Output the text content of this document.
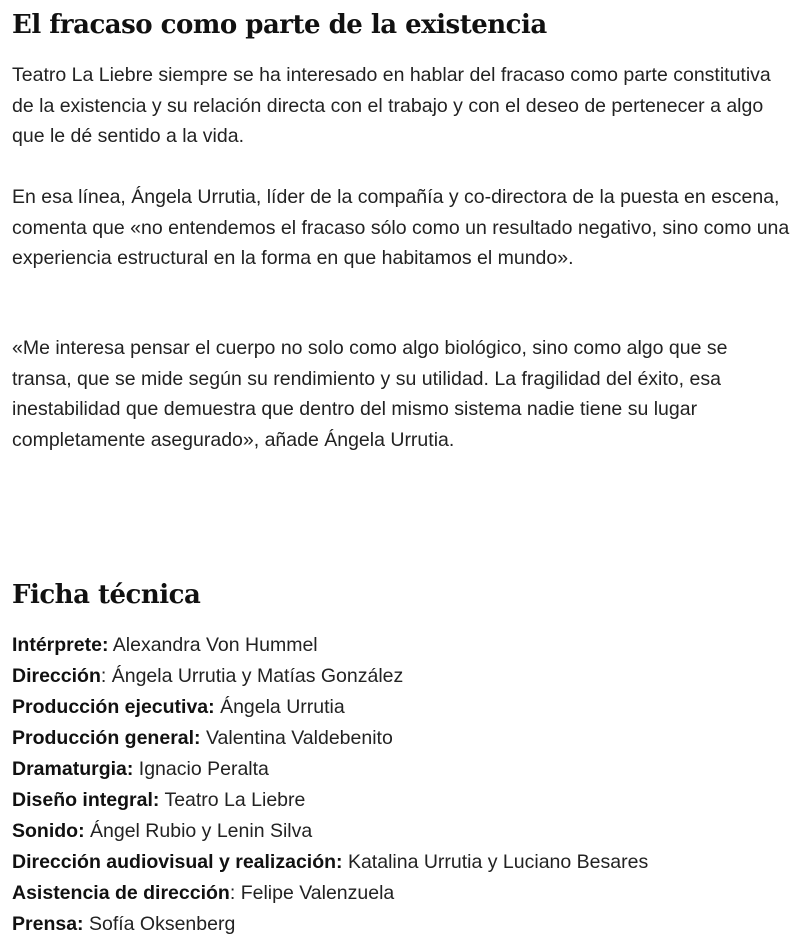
El fracaso como parte de la existencia

Teatro La Liebre siempre se ha interesado en hablar del fracaso como parte constitutiva de la existencia y su relación directa con el trabajo y con el deseo de pertenecer a algo que le dé sentido a la vida.

En esa línea, Ángela Urrutia, líder de la compañía y co-directora de la puesta en escena, comenta que «no entendemos el fracaso sólo como un resultado negativo, sino como una experiencia estructural en la forma en que habitamos el mundo».

«Me interesa pensar el cuerpo no solo como algo biológico, sino como algo que se transa, que se mide según su rendimiento y su utilidad. La fragilidad del éxito, esa inestabilidad que demuestra que dentro del mismo sistema nadie tiene su lugar completamente asegurado», añade Ángela Urrutia.

Ficha técnica
Intérprete: Alexandra Von Hummel
Dirección: Ángela Urrutia y Matías González
Producción ejecutiva: Ángela Urrutia
Producción general: Valentina Valdebenito
Dramaturgia: Ignacio Peralta
Diseño integral: Teatro La Liebre
Sonido: Ángel Rubio y Lenin Silva
Dirección audiovisual y realización: Katalina Urrutia y Luciano Besares
Asistencia de dirección: Felipe Valenzuela
Prensa: Sofía Oksenberg
